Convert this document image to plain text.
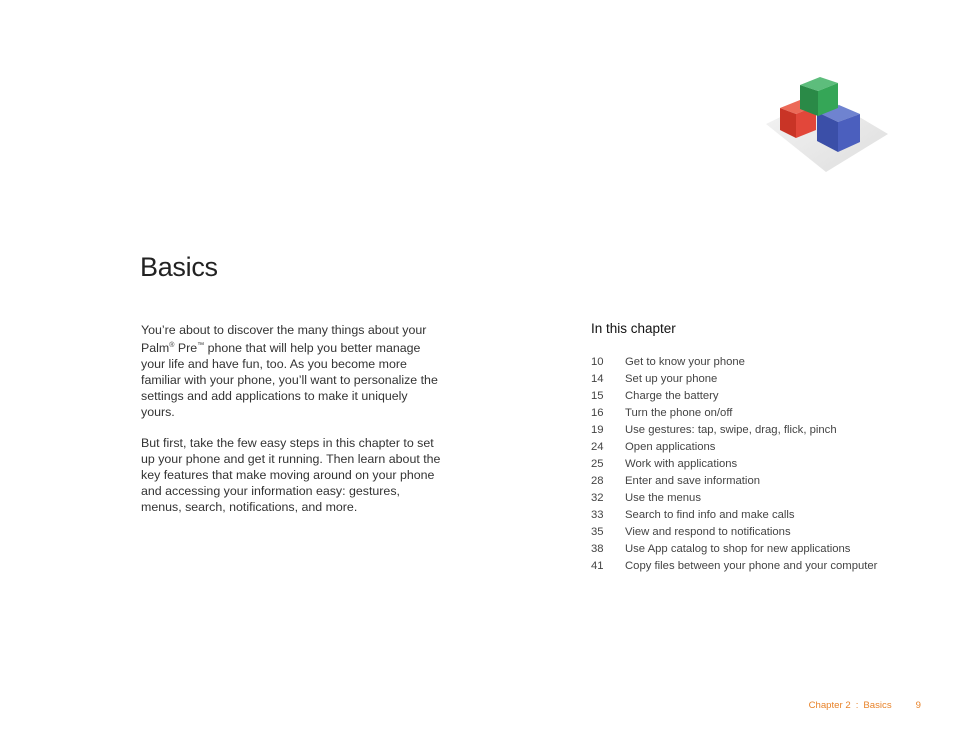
Basics

You’re about to discover the many things about your Palm® Pre™ phone that will help you better manage your life and have fun, too. As you become more familiar with your phone, you’ll want to personalize the settings and add applications to make it uniquely yours.

But first, take the few easy steps in this chapter to set up your phone and get it running. Then learn about the key features that make moving around on your phone and accessing your information easy: gestures, menus, search, notifications, and more.

In this chapter
10	Get to know your phone
14	Set up your phone
15	Charge the battery
16	Turn the phone on/off
19	Use gestures: tap, swipe, drag, flick, pinch
24	Open applications
25	Work with applications
28	Enter and save information
32	Use the menus
33	Search to find info and make calls
35	View and respond to notifications
38	Use App catalog to shop for new applications
41	Copy files between your phone and your computer
Chapter 2 : Basics	9
